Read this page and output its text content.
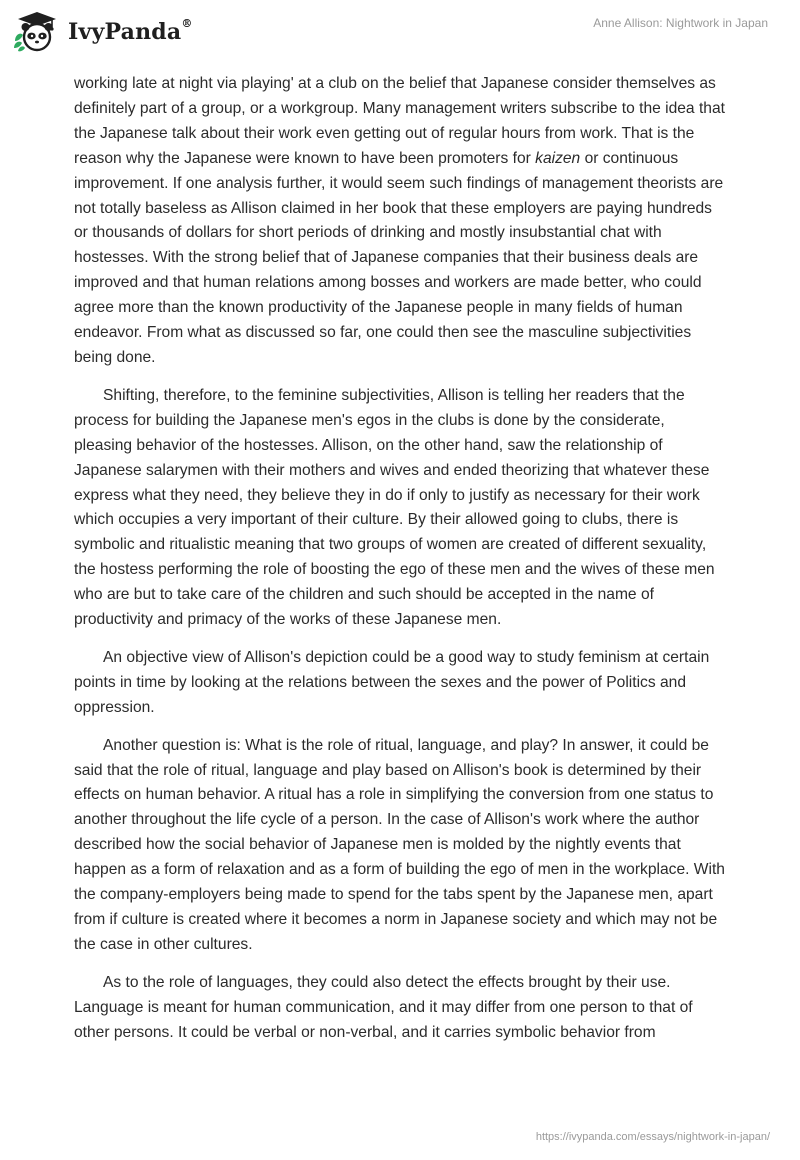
IvyPanda®	Anne Allison: Nightwork in Japan

working late at night via playing' at a club on the belief that Japanese consider themselves as definitely part of a group, or a workgroup. Many management writers subscribe to the idea that the Japanese talk about their work even getting out of regular hours from work. That is the reason why the Japanese were known to have been promoters for kaizen or continuous improvement. If one analysis further, it would seem such findings of management theorists are not totally baseless as Allison claimed in her book that these employers are paying hundreds or thousands of dollars for short periods of drinking and mostly insubstantial chat with hostesses. With the strong belief that of Japanese companies that their business deals are improved and that human relations among bosses and workers are made better, who could agree more than the known productivity of the Japanese people in many fields of human endeavor. From what as discussed so far, one could then see the masculine subjectivities being done.

Shifting, therefore, to the feminine subjectivities, Allison is telling her readers that the process for building the Japanese men's egos in the clubs is done by the considerate, pleasing behavior of the hostesses. Allison, on the other hand, saw the relationship of Japanese salarymen with their mothers and wives and ended theorizing that whatever these express what they need, they believe they in do if only to justify as necessary for their work which occupies a very important of their culture. By their allowed going to clubs, there is symbolic and ritualistic meaning that two groups of women are created of different sexuality, the hostess performing the role of boosting the ego of these men and the wives of these men who are but to take care of the children and such should be accepted in the name of productivity and primacy of the works of these Japanese men.

An objective view of Allison's depiction could be a good way to study feminism at certain points in time by looking at the relations between the sexes and the power of Politics and oppression.

Another question is: What is the role of ritual, language, and play? In answer, it could be said that the role of ritual, language and play based on Allison's book is determined by their effects on human behavior. A ritual has a role in simplifying the conversion from one status to another throughout the life cycle of a person. In the case of Allison's work where the author described how the social behavior of Japanese men is molded by the nightly events that happen as a form of relaxation and as a form of building the ego of men in the workplace. With the company-employers being made to spend for the tabs spent by the Japanese men, apart from if culture is created where it becomes a norm in Japanese society and which may not be the case in other cultures.

As to the role of languages, they could also detect the effects brought by their use. Language is meant for human communication, and it may differ from one person to that of other persons. It could be verbal or non-verbal, and it carries symbolic behavior from

https://ivypanda.com/essays/nightwork-in-japan/
